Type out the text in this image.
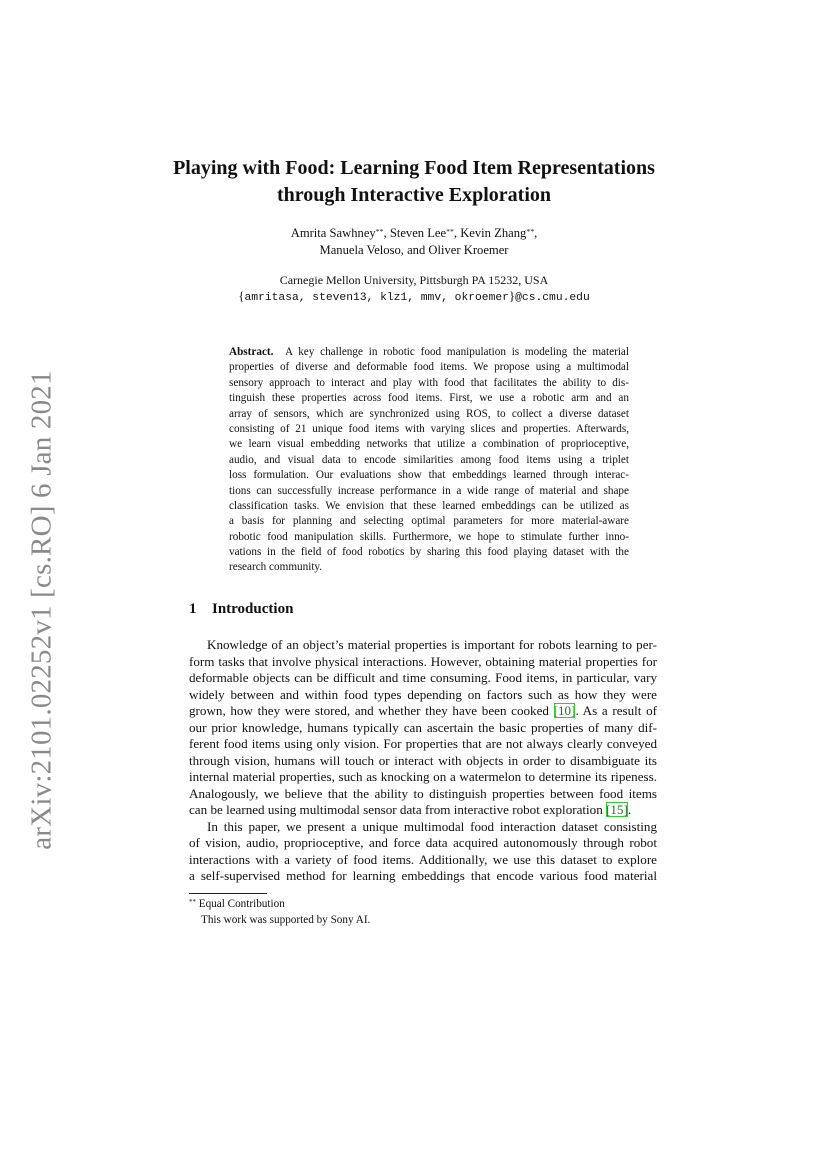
arXiv:2101.02252v1 [cs.RO] 6 Jan 2021
Playing with Food: Learning Food Item Representations
through Interactive Exploration
Amrita Sawhney**, Steven Lee**, Kevin Zhang**,
Manuela Veloso, and Oliver Kroemer
Carnegie Mellon University, Pittsburgh PA 15232, USA
{amritasa, steven13, klz1, mmv, okroemer}@cs.cmu.edu
Abstract. A key challenge in robotic food manipulation is modeling the material
properties of diverse and deformable food items. We propose using a multimodal
sensory approach to interact and play with food that facilitates the ability to dis-
tinguish these properties across food items. First, we use a robotic arm and an
array of sensors, which are synchronized using ROS, to collect a diverse dataset
consisting of 21 unique food items with varying slices and properties. Afterwards,
we learn visual embedding networks that utilize a combination of proprioceptive,
audio, and visual data to encode similarities among food items using a triplet
loss formulation. Our evaluations show that embeddings learned through interac-
tions can successfully increase performance in a wide range of material and shape
classification tasks. We envision that these learned embeddings can be utilized as
a basis for planning and selecting optimal parameters for more material-aware
robotic food manipulation skills. Furthermore, we hope to stimulate further inno-
vations in the field of food robotics by sharing this food playing dataset with the
research community.
1 Introduction
Knowledge of an object’s material properties is important for robots learning to per-
form tasks that involve physical interactions. However, obtaining material properties for
deformable objects can be difficult and time consuming. Food items, in particular, vary
widely between and within food types depending on factors such as how they were
grown, how they were stored, and whether they have been cooked [10]. As a result of
our prior knowledge, humans typically can ascertain the basic properties of many dif-
ferent food items using only vision. For properties that are not always clearly conveyed
through vision, humans will touch or interact with objects in order to disambiguate its
internal material properties, such as knocking on a watermelon to determine its ripeness.
Analogously, we believe that the ability to distinguish properties between food items
can be learned using multimodal sensor data from interactive robot exploration [15].
In this paper, we present a unique multimodal food interaction dataset consisting
of vision, audio, proprioceptive, and force data acquired autonomously through robot
interactions with a variety of food items. Additionally, we use this dataset to explore
a self-supervised method for learning embeddings that encode various food material
** Equal Contribution
This work was supported by Sony AI.
